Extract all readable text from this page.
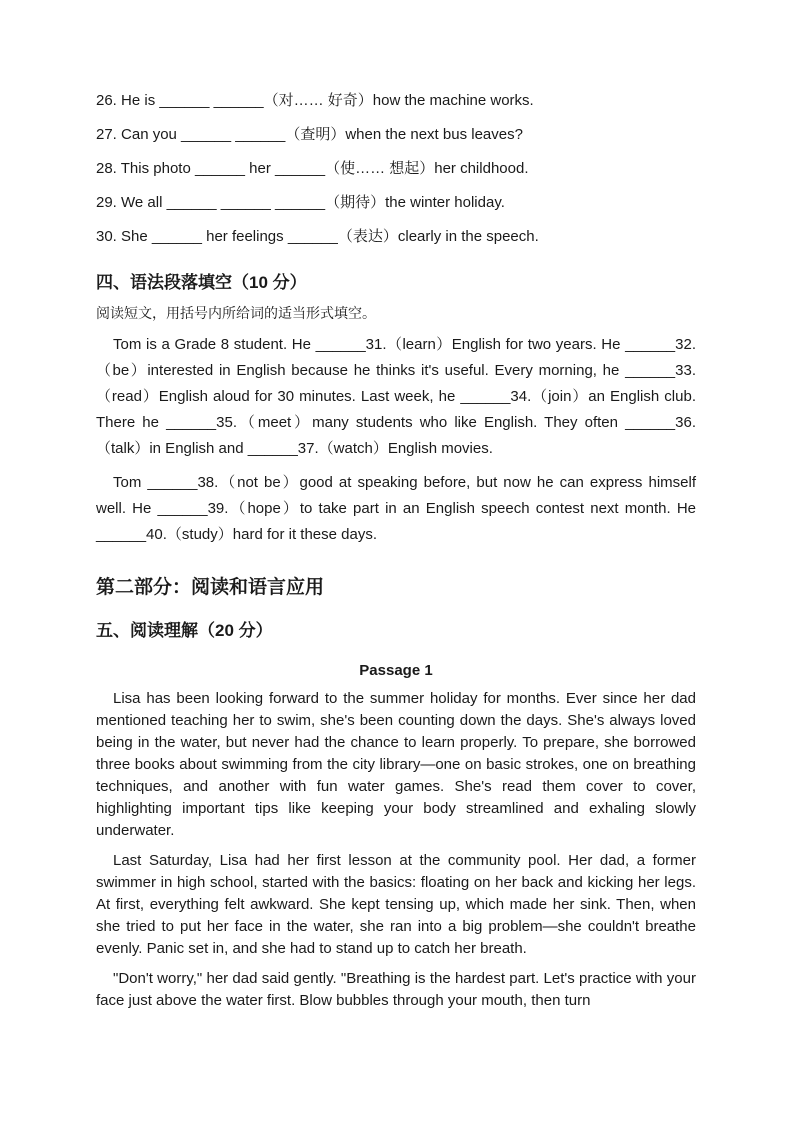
26. He is ______ ______（对…… 好奇）how the machine works.

27. Can you ______ ______（查明）when the next bus leaves?

28. This photo ______ her ______（使…… 想起）her childhood.

29. We all ______ ______ ______（期待）the winter holiday.

30. She ______ her feelings ______（表达）clearly in the speech.

四、语法段落填空（10 分）

阅读短文，用括号内所给词的适当形式填空。

Tom is a Grade 8 student. He ______31.（learn）English for two years. He ______32.（be）interested in English because he thinks it's useful. Every morning, he ______33.（read）English aloud for 30 minutes. Last week, he ______34.（join）an English club. There he ______35.（meet）many students who like English. They often ______36.（talk）in English and ______37.（watch）English movies.

Tom ______38.（not be）good at speaking before, but now he can express himself well. He ______39.（hope）to take part in an English speech contest next month. He ______40.（study）hard for it these days.

第二部分：阅读和语言应用
五、阅读理解（20 分）
Passage 1

Lisa has been looking forward to the summer holiday for months. Ever since her dad mentioned teaching her to swim, she's been counting down the days. She's always loved being in the water, but never had the chance to learn properly. To prepare, she borrowed three books about swimming from the city library—one on basic strokes, one on breathing techniques, and another with fun water games. She's read them cover to cover, highlighting important tips like keeping your body streamlined and exhaling slowly underwater.

Last Saturday, Lisa had her first lesson at the community pool. Her dad, a former swimmer in high school, started with the basics: floating on her back and kicking her legs. At first, everything felt awkward. She kept tensing up, which made her sink. Then, when she tried to put her face in the water, she ran into a big problem—she couldn't breathe evenly. Panic set in, and she had to stand up to catch her breath.

"Don't worry," her dad said gently. "Breathing is the hardest part. Let's practice with your face just above the water first. Blow bubbles through your mouth, then turn
